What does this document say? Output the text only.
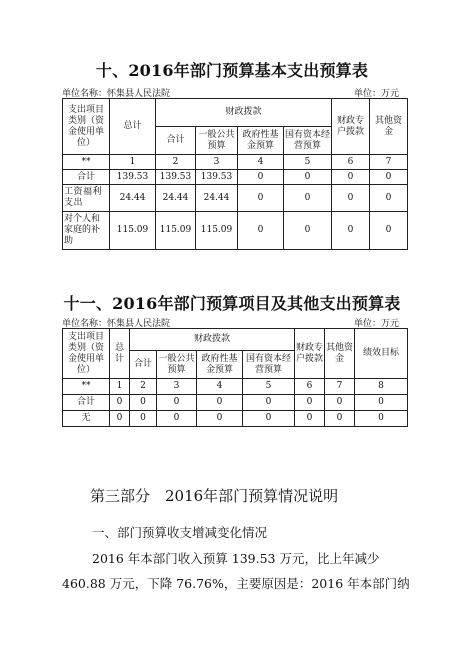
十、2016年部门预算基本支出预算表
单位名称：怀集县人民法院	单位：万元
支出项目类别（资金使用单位）	总计	财政拨款				财政专户拨款	其他资金
		合计	一般公共预算	政府性基金预算	国有资本经营预算		
**	1	2	3	4	5	6	7
合计	139.53	139.53	139.53	0	0	0	0
工资福利支出	24.44	24.44	24.44	0	0	0	0
对个人和家庭的补助	115.09	115.09	115.09	0	0	0	0
十一、2016年部门预算项目及其他支出预算表
单位名称：怀集县人民法院	单位：万元
支出项目类别（资金使用单位）	总计	财政拨款				财政专户拨款	其他资金	绩效目标
		合计	一般公共预算	政府性基金预算	国有资本经营预算			
**	1	2	3	4	5	6	7	8
合计	0	0	0	0	0	0	0	0
无	0	0	0	0	0	0	0	0
第三部分　2016年部门预算情况说明
一、部门预算收支增减变化情况
2016 年本部门收入预算 139.53 万元，比上年减少
460.88 万元，下降 76.76%，主要原因是：2016 年本部门纳
